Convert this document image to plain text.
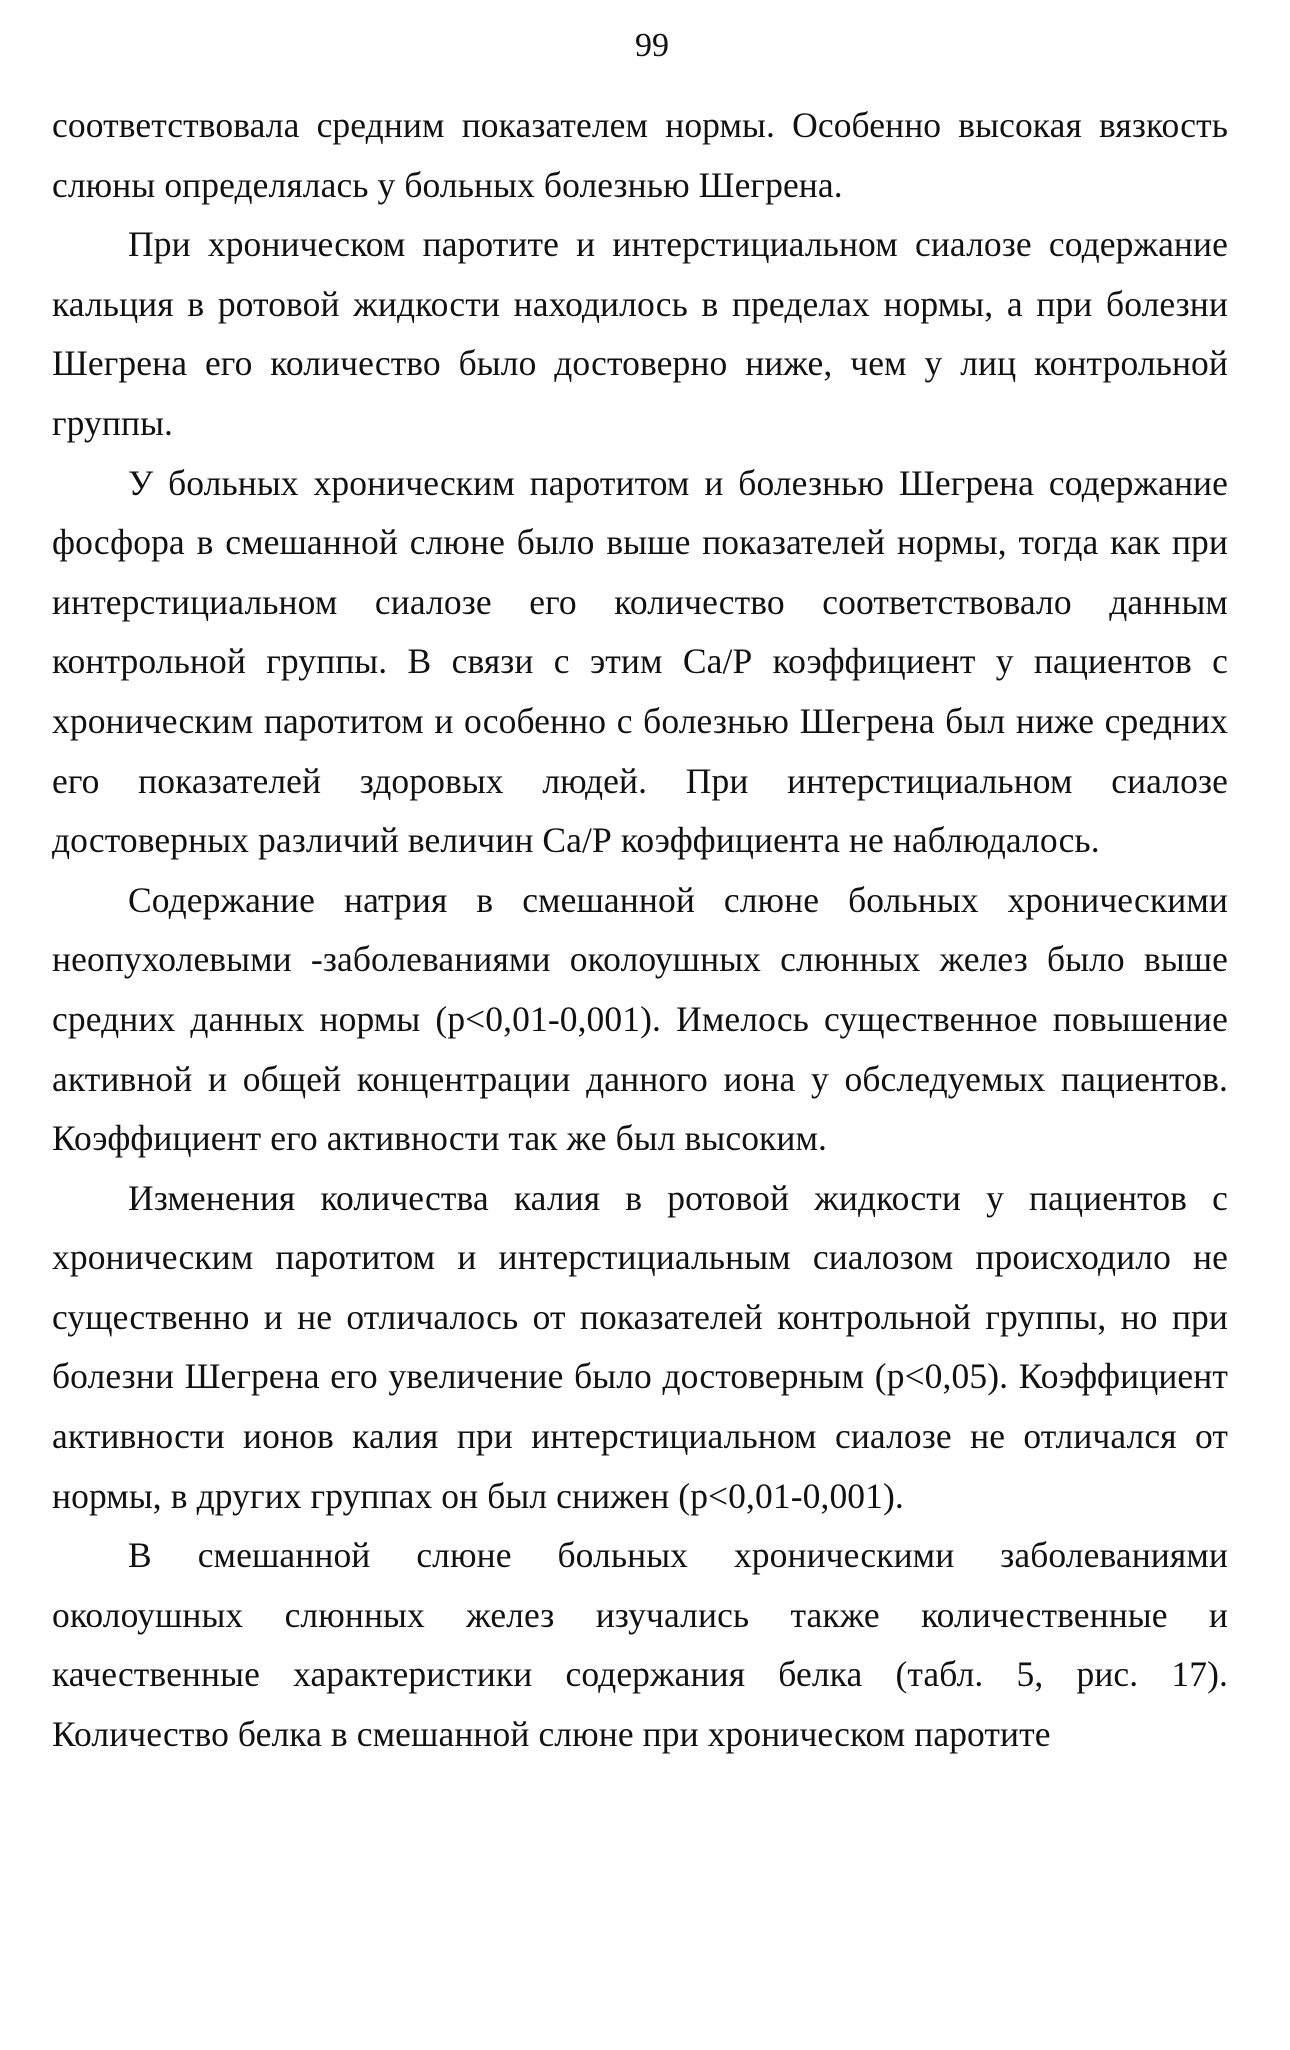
99

соответствовала средним показателем нормы. Особенно высокая вязкость слюны определялась у больных болезнью Шегрена.

При хроническом паротите и интерстициальном сиалозе содержание кальция в ротовой жидкости находилось в пределах нормы, а при болезни Шегрена его количество было достоверно ниже, чем у лиц контрольной группы.

У больных хроническим паротитом и болезнью Шегрена содержание фосфора в смешанной слюне было выше показателей нормы, тогда как при интерстициальном сиалозе его количество соответствовало данным контрольной группы. В связи с этим Са/Р коэффициент у пациентов с хроническим паротитом и особенно с болезнью Шегрена был ниже средних его показателей здоровых людей. При интерстициальном сиалозе достоверных различий величин Са/Р коэффициента не наблюдалось.

Содержание натрия в смешанной слюне больных хроническими неопухолевыми -заболеваниями околоушных слюнных желез было выше средних данных нормы (р<0,01-0,001). Имелось существенное повышение активной и общей концентрации данного иона у обследуемых пациентов. Коэффициент его активности так же был высоким.

Изменения количества калия в ротовой жидкости у пациентов с хроническим паротитом и интерстициальным сиалозом происходило не существенно и не отличалось от показателей контрольной группы, но при болезни Шегрена его увеличение было достоверным (р<0,05). Коэффициент активности ионов калия при интерстициальном сиалозе не отличался от нормы, в других группах он был снижен (р<0,01-0,001).

В смешанной слюне больных хроническими заболеваниями околоушных слюнных желез изучались также количественные и качественные характеристики содержания белка (табл. 5, рис. 17). Количество белка в смешанной слюне при хроническом паротите
